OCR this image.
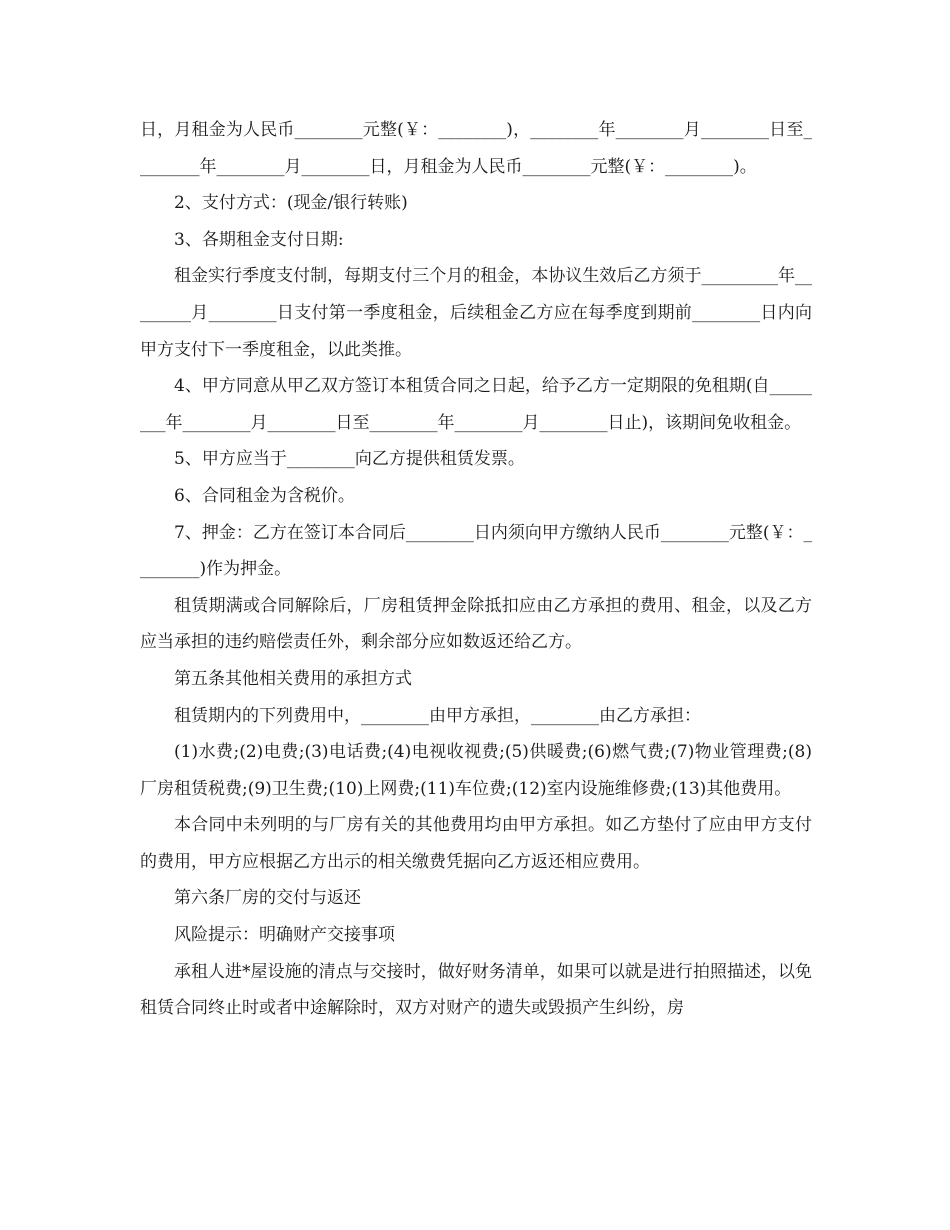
日，月租金为人民币________元整(￥：________)，________年________月________日至________年________月________日，月租金为人民币________元整(￥：________)。

2、支付方式：(现金/银行转账)

3、各期租金支付日期:

租金实行季度支付制，每期支付三个月的租金，本协议生效后乙方须于_________年________月________日支付第一季度租金，后续租金乙方应在每季度到期前________日内向甲方支付下一季度租金，以此类推。

4、甲方同意从甲乙双方签订本租赁合同之日起，给予乙方一定期限的免租期(自________年________月________日至________年________月________日止)，该期间免收租金。

5、甲方应当于________向乙方提供租赁发票。

6、合同租金为含税价。

7、押金：乙方在签订本合同后________日内须向甲方缴纳人民币________元整(￥：________)作为押金。

租赁期满或合同解除后，厂房租赁押金除抵扣应由乙方承担的费用、租金，以及乙方应当承担的违约赔偿责任外，剩余部分应如数返还给乙方。

第五条其他相关费用的承担方式

租赁期内的下列费用中，________由甲方承担，________由乙方承担：

(1)水费;(2)电费;(3)电话费;(4)电视收视费;(5)供暖费;(6)燃气费;(7)物业管理费;(8)厂房租赁税费;(9)卫生费;(10)上网费;(11)车位费;(12)室内设施维修费;(13)其他费用。

本合同中未列明的与厂房有关的其他费用均由甲方承担。如乙方垫付了应由甲方支付的费用，甲方应根据乙方出示的相关缴费凭据向乙方返还相应费用。

第六条厂房的交付与返还

风险提示：明确财产交接事项

承租人进*屋设施的清点与交接时，做好财务清单，如果可以就是进行拍照描述，以免租赁合同终止时或者中途解除时，双方对财产的遗失或毁损产生纠纷，房
